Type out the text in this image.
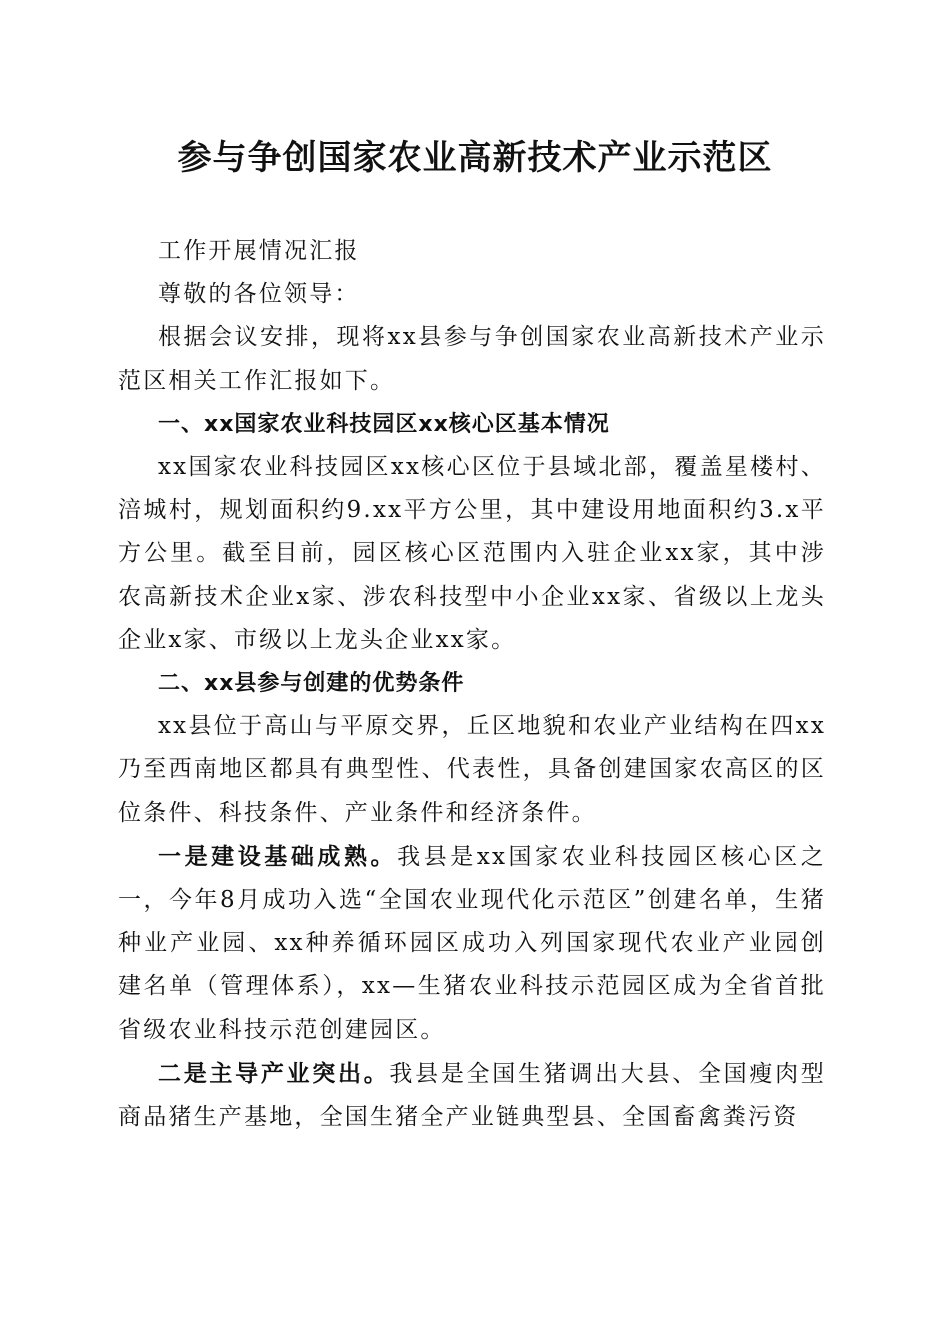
参与争创国家农业高新技术产业示范区

工作开展情况汇报

尊敬的各位领导：

根据会议安排，现将xx县参与争创国家农业高新技术产业示范区相关工作汇报如下。

一、xx国家农业科技园区xx核心区基本情况

xx国家农业科技园区xx核心区位于县域北部，覆盖星楼村、涪城村，规划面积约9.xx平方公里，其中建设用地面积约3.x平方公里。截至目前，园区核心区范围内入驻企业xx家，其中涉农高新技术企业x家、涉农科技型中小企业xx家、省级以上龙头企业x家、市级以上龙头企业xx家。

二、xx县参与创建的优势条件

xx县位于高山与平原交界，丘区地貌和农业产业结构在四xx乃至西南地区都具有典型性、代表性，具备创建国家农高区的区位条件、科技条件、产业条件和经济条件。

一是建设基础成熟。我县是xx国家农业科技园区核心区之一，今年8月成功入选“全国农业现代化示范区”创建名单，生猪种业产业园、xx种养循环园区成功入列国家现代农业产业园创建名单（管理体系），xx—生猪农业科技示范园区成为全省首批省级农业科技示范创建园区。

二是主导产业突出。我县是全国生猪调出大县、全国瘦肉型商品猪生产基地，全国生猪全产业链典型县、全国畜禽粪污资
